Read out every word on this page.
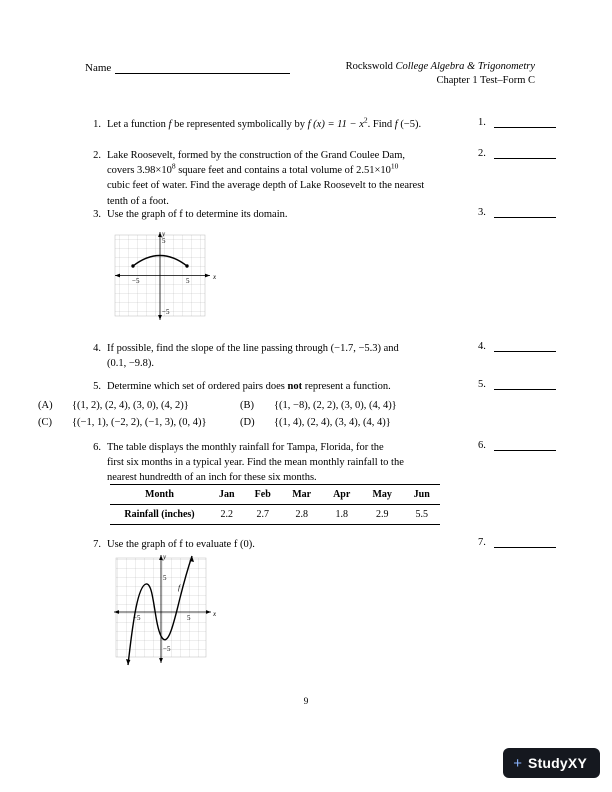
Name	Rockswold College Algebra & Trigonometry
Chapter 1 Test–Form C
1. Let a function f be represented symbolically by f $(x) = 11 - x^2$. Find f (−5).	1.
2. Lake Roosevelt, formed by the construction of the Grand Coulee Dam,
covers $3.98\times 10^8$ square feet and contains a total volume of $2.51\times 10^{10}$
cubic feet of water. Find the average depth of Lake Roosevelt to the nearest
tenth of a foot.
2.
3. Use the graph of f to determine its domain.	3.
−5	5
5
−5
x
y
4. If possible, find the slope of the line passing through (−1.7, −5.3) and
(0.1, −9.8).
4.
5. Determine which set of ordered pairs does not represent a function.	5.
(A) {(1, 2), (2, 4), (3, 0), (4, 2)}	(B) {(1, −8), (2, 2), (3, 0), (4, 4)}
(C) {(−1, 1), (−2, 2), (−1, 3), (0, 4)}	(D) {(1, 4), (2, 4), (3, 4), (4, 4)}
6. The table displays the monthly rainfall for Tampa, Florida, for the
first six months in a typical year. Find the mean monthly rainfall to the
nearest hundredth of an inch for these six months.
6.
Month	Jan	Feb	Mar	Apr	May	Jun
Rainfall (inches)	2.2	2.7	2.8	1.8	2.9	5.5
7. Use the graph of f to evaluate f (0).	7.
−5	5
5
−5
x
y
f
9
+ StudyXY
